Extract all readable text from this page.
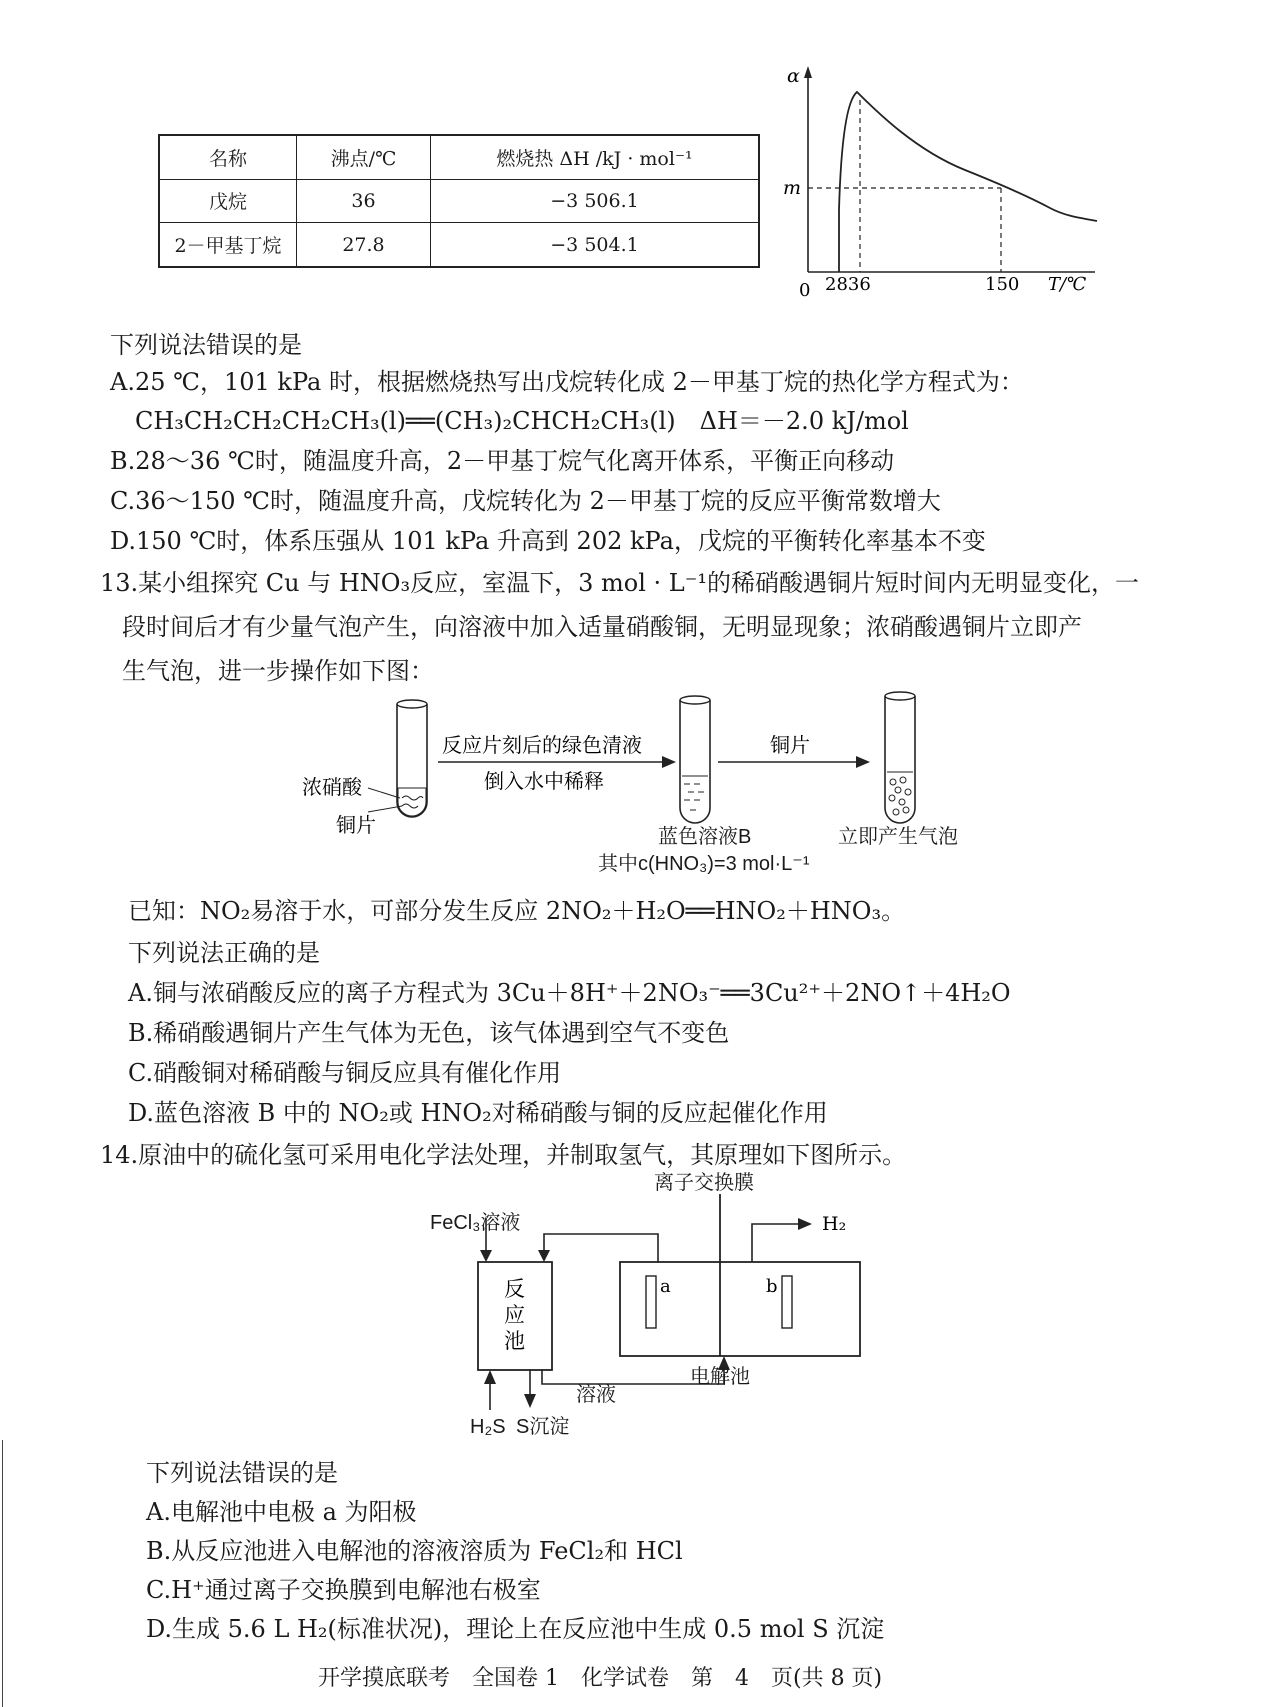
名称	沸点/℃	燃烧热 ΔH /kJ · mol⁻¹
戊烷	36	−3 506.1
2－甲基丁烷	27.8	−3 504.1
α
m
0 2836	150 T/℃
下列说法错误的是
A.25 ℃，101 kPa 时，根据燃烧热写出戊烷转化成 2－甲基丁烷的热化学方程式为：
CH₃CH₂CH₂CH₂CH₃(l)══(CH₃)₂CHCH₂CH₃(l)　ΔH＝－2.0 kJ/mol
B.28～36 ℃时，随温度升高，2－甲基丁烷气化离开体系，平衡正向移动
C.36～150 ℃时，随温度升高，戊烷转化为 2－甲基丁烷的反应平衡常数增大
D.150 ℃时，体系压强从 101 kPa 升高到 202 kPa，戊烷的平衡转化率基本不变
13.某小组探究 Cu 与 HNO₃反应，室温下，3 mol · L⁻¹的稀硝酸遇铜片短时间内无明显变化，一
段时间后才有少量气泡产生，向溶液中加入适量硝酸铜，无明显现象；浓硝酸遇铜片立即产
生气泡，进一步操作如下图：
浓硝酸
铜片
反应片刻后的绿色清液
倒入水中稀释
铜片
蓝色溶液B
其中c(HNO₃)=3 mol·L⁻¹
立即产生气泡
已知：NO₂易溶于水，可部分发生反应 2NO₂＋H₂O══HNO₂＋HNO₃。
下列说法正确的是
A.铜与浓硝酸反应的离子方程式为 3Cu＋8H⁺＋2NO₃⁻══3Cu²⁺＋2NO↑＋4H₂O
B.稀硝酸遇铜片产生气体为无色，该气体遇到空气不变色
C.硝酸铜对稀硝酸与铜反应具有催化作用
D.蓝色溶液 B 中的 NO₂或 HNO₂对稀硝酸与铜的反应起催化作用
14.原油中的硫化氢可采用电化学法处理，并制取氢气，其原理如下图所示。
反
应
池
a	b
H₂
离子交换膜
FeCl₃溶液
电解池
溶液
H₂S S沉淀
下列说法错误的是
A.电解池中电极 a 为阳极
B.从反应池进入电解池的溶液溶质为 FeCl₂和 HCl
C.H⁺通过离子交换膜到电解池右极室
D.生成 5.6 L H₂(标准状况)，理论上在反应池中生成 0.5 mol S 沉淀
开学摸底联考　全国卷 1　化学试卷　第　4　页(共 8 页)
